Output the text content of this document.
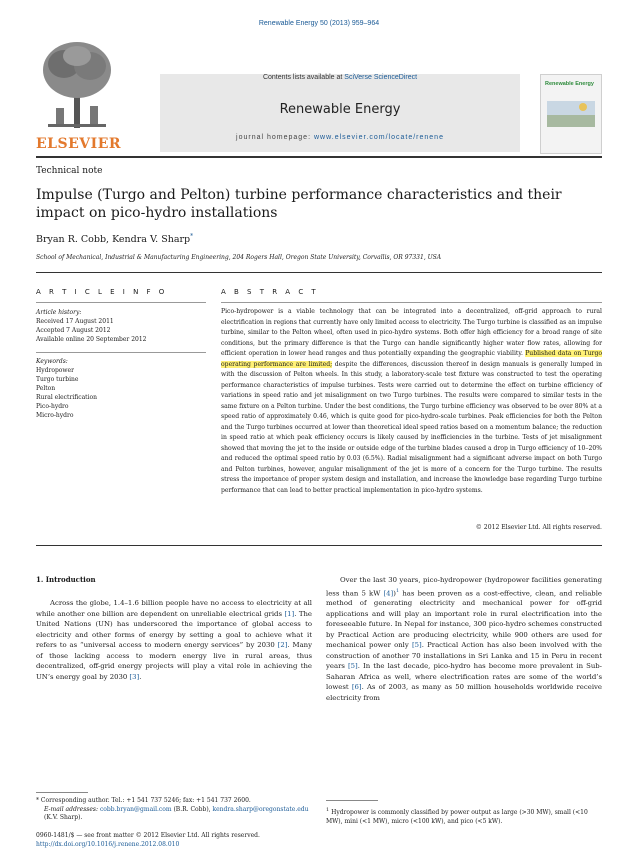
Renewable Energy 50 (2013) 959–964
ELSEVIER
Contents lists available at SciVerse ScienceDirect
Renewable Energy
journal homepage: www.elsevier.com/locate/renene
Renewable Energy
Technical note
Impulse (Turgo and Pelton) turbine performance characteristics and their impact on pico-hydro installations
Bryan R. Cobb, Kendra V. Sharp*
School of Mechanical, Industrial & Manufacturing Engineering, 204 Rogers Hall, Oregon State University, Corvallis, OR 97331, USA
A R T I C L E I N F O	A B S T R A C T
Article history:
Received 17 August 2011
Accepted 7 August 2012
Available online 20 September 2012
Keywords:
Hydropower
Turgo turbine
Pelton
Rural electrification
Pico-hydro
Micro-hydro
Pico-hydropower is a viable technology that can be integrated into a decentralized, off-grid approach to rural electrification in regions that currently have only limited access to electricity. The Turgo turbine is classified as an impulse turbine, similar to the Pelton wheel, often used in pico-hydro systems. Both offer high efficiency for a broad range of site conditions, but the primary difference is that the Turgo can handle significantly higher water flow rates, allowing for efficient operation in lower head ranges and thus potentially expanding the geographic viability. Published data on Turgo operating performance are limited; despite the differences, discussion thereof in design manuals is generally lumped in with the discussion of Pelton wheels. In this study, a laboratory-scale test fixture was constructed to test the operating performance characteristics of impulse turbines. Tests were carried out to determine the effect on turbine efficiency of variations in speed ratio and jet misalignment on two Turgo turbines. The results were compared to similar tests in the same fixture on a Pelton turbine. Under the best conditions, the Turgo turbine efficiency was observed to be over 80% at a speed ratio of approximately 0.46, which is quite good for pico-hydro-scale turbines. Peak efficiencies for both the Pelton and the Turgo turbines occurred at lower than theoretical ideal speed ratios based on a momentum balance; the reduction in speed ratio at which peak efficiency occurs is likely caused by inefficiencies in the turbine. Tests of jet misalignment showed that moving the jet to the inside or outside edge of the turbine blades caused a drop in Turgo efficiency of 10–20% and reduced the optimal speed ratio by 0.03 (6.5%). Radial misalignment had a significant adverse impact on both Turgo and Pelton turbines, however, angular misalignment of the jet is more of a concern for the Turgo turbine. The results stress the importance of proper system design and installation, and increase the knowledge base regarding Turgo turbine performance that can lead to better practical implementation in pico-hydro systems.
© 2012 Elsevier Ltd. All rights reserved.
1. Introduction
Across the globe, 1.4–1.6 billion people have no access to electricity at all while another one billion are dependent on unreliable electrical grids [1]. The United Nations (UN) has underscored the importance of global access to electricity and other forms of energy by setting a goal to achieve what it refers to as “universal access to modern energy services” by 2030 [2]. Many of those lacking access to modern energy live in rural areas, thus decentralized, off-grid energy projects will play a vital role in achieving the UN’s energy goal by 2030 [3].
Over the last 30 years, pico-hydropower (hydropower facilities generating less than 5 kW [4])$^1$ has been proven as a cost-effective, clean, and reliable method of generating electricity and mechanical power for off-grid applications and will play an important role in rural electrification into the foreseeable future. In Nepal for instance, 300 pico-hydro schemes constructed by Practical Action are producing electricity, while 900 others are used for mechanical power only [5]. Practical Action has also been involved with the construction of another 70 installations in Sri Lanka and 15 in Peru in recent years [5]. In the last decade, pico-hydro has become more prevalent in Sub-Saharan Africa as well, where electrification rates are some of the world’s lowest [6]. As of 2003, as many as 50 million households worldwide receive electricity from
* Corresponding author. Tel.: +1 541 737 5246; fax: +1 541 737 2600.
E-mail addresses: cobb.bryan@gmail.com (B.R. Cobb), kendra.sharp@oregonstate.edu (K.V. Sharp).
$^1$ Hydropower is commonly classified by power output as large (>30 MW), small (<10 MW), mini (<1 MW), micro (<100 kW), and pico (<5 kW).
0960-1481/$ — see front matter © 2012 Elsevier Ltd. All rights reserved.
http://dx.doi.org/10.1016/j.renene.2012.08.010
